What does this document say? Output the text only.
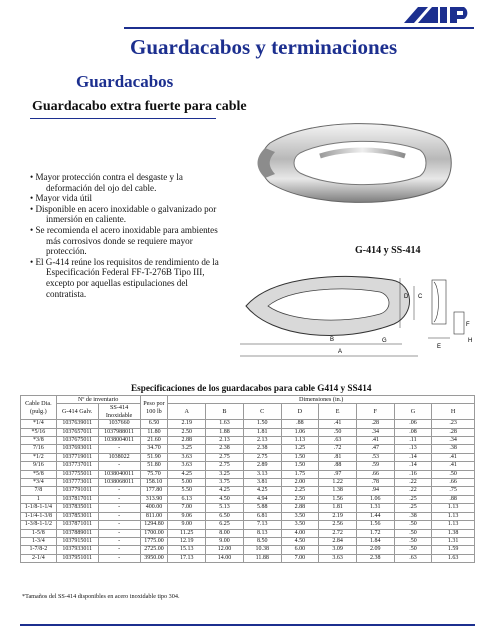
Guardacabos y terminaciones
Guardacabos
Guardacabo extra fuerte para cable
• Mayor protección contra el desgaste y la
deformación del ojo del cable.
• Mayor vida útil
• Disponible en acero inoxidable o galvanizado por
inmersión en caliente.
• Se recomienda el acero inoxidable para ambientes
más corrosivos donde se requiere mayor
protección.
• El G-414 reúne los requisitos de rendimiento de la
Especificación Federal FF-T-276B Tipo III,
excepto por aquellas estipulaciones del
contratista.
G-414 y SS-414
A
B
C
D
E
F
G	H
Especificaciones de los guardacabos para cable G414 y SS414
Cable Dia. (pulg.)	Nº de inventario		Peso por 100 lb	Dimensiones (in.)							
	G-414 Galv.	SS-414 Inoxidable		A	B	C	D	E	F	G	H

*1/4	1037639011	1037660	6.50	2.19	1.63	1.50	.88	.41	.28	.06	.23
*5/16	1037657011	1037988011	11.80	2.50	1.88	1.81	1.06	.50	.34	.08	.28
*3/8	1037675011	1038004011	21.60	2.88	2.13	2.13	1.13	.63	.41	.11	.34
7/16	1037693011	-	34.70	3.25	2.38	2.38	1.25	.72	.47	.13	.38
*1/2	1037719011	1038022	51.90	3.63	2.75	2.75	1.50	.81	.53	.14	.41
9/16	1037737011	-	51.80	3.63	2.75	2.89	1.50	.88	.59	.14	.41
*5/8	1037755011	1038040011	75.70	4.25	3.25	3.13	1.75	.97	.66	.16	.50
*3/4	1037773011	1038068011	158.10	5.00	3.75	3.81	2.00	1.22	.78	.22	.66
7/8	1037791011	-	177.80	5.50	4.25	4.25	2.25	1.38	.94	.22	.75
1	1037817011	-	313.90	6.13	4.50	4.94	2.50	1.56	1.06	.25	.88
1-1/8-1-1/4	1037835011	-	400.00	7.00	5.13	5.88	2.88	1.81	1.31	.25	1.13
1-1/4-1-3/8	1037853011	-	811.00	9.06	6.50	6.81	3.50	2.19	1.44	.38	1.13
1-3/8-1-1/2	1037871011	-	1294.80	9.00	6.25	7.13	3.50	2.56	1.56	.50	1.13
1-5/8	1037889011	-	1700.00	11.25	8.00	8.13	4.00	2.72	1.72	.50	1.38
1-3/4	1037915011	-	1775.00	12.19	9.00	8.50	4.50	2.84	1.84	.50	1.31
1-7/8-2	1037933011	-	2725.00	15.13	12.00	10.38	6.00	3.09	2.09	.50	1.59
2-1/4	1037951011	-	3950.00	17.13	14.00	11.88	7.00	3.63	2.38	.63	1.63
*Tamaños del SS-414 disponibles en acero inoxidable tipo 304.
